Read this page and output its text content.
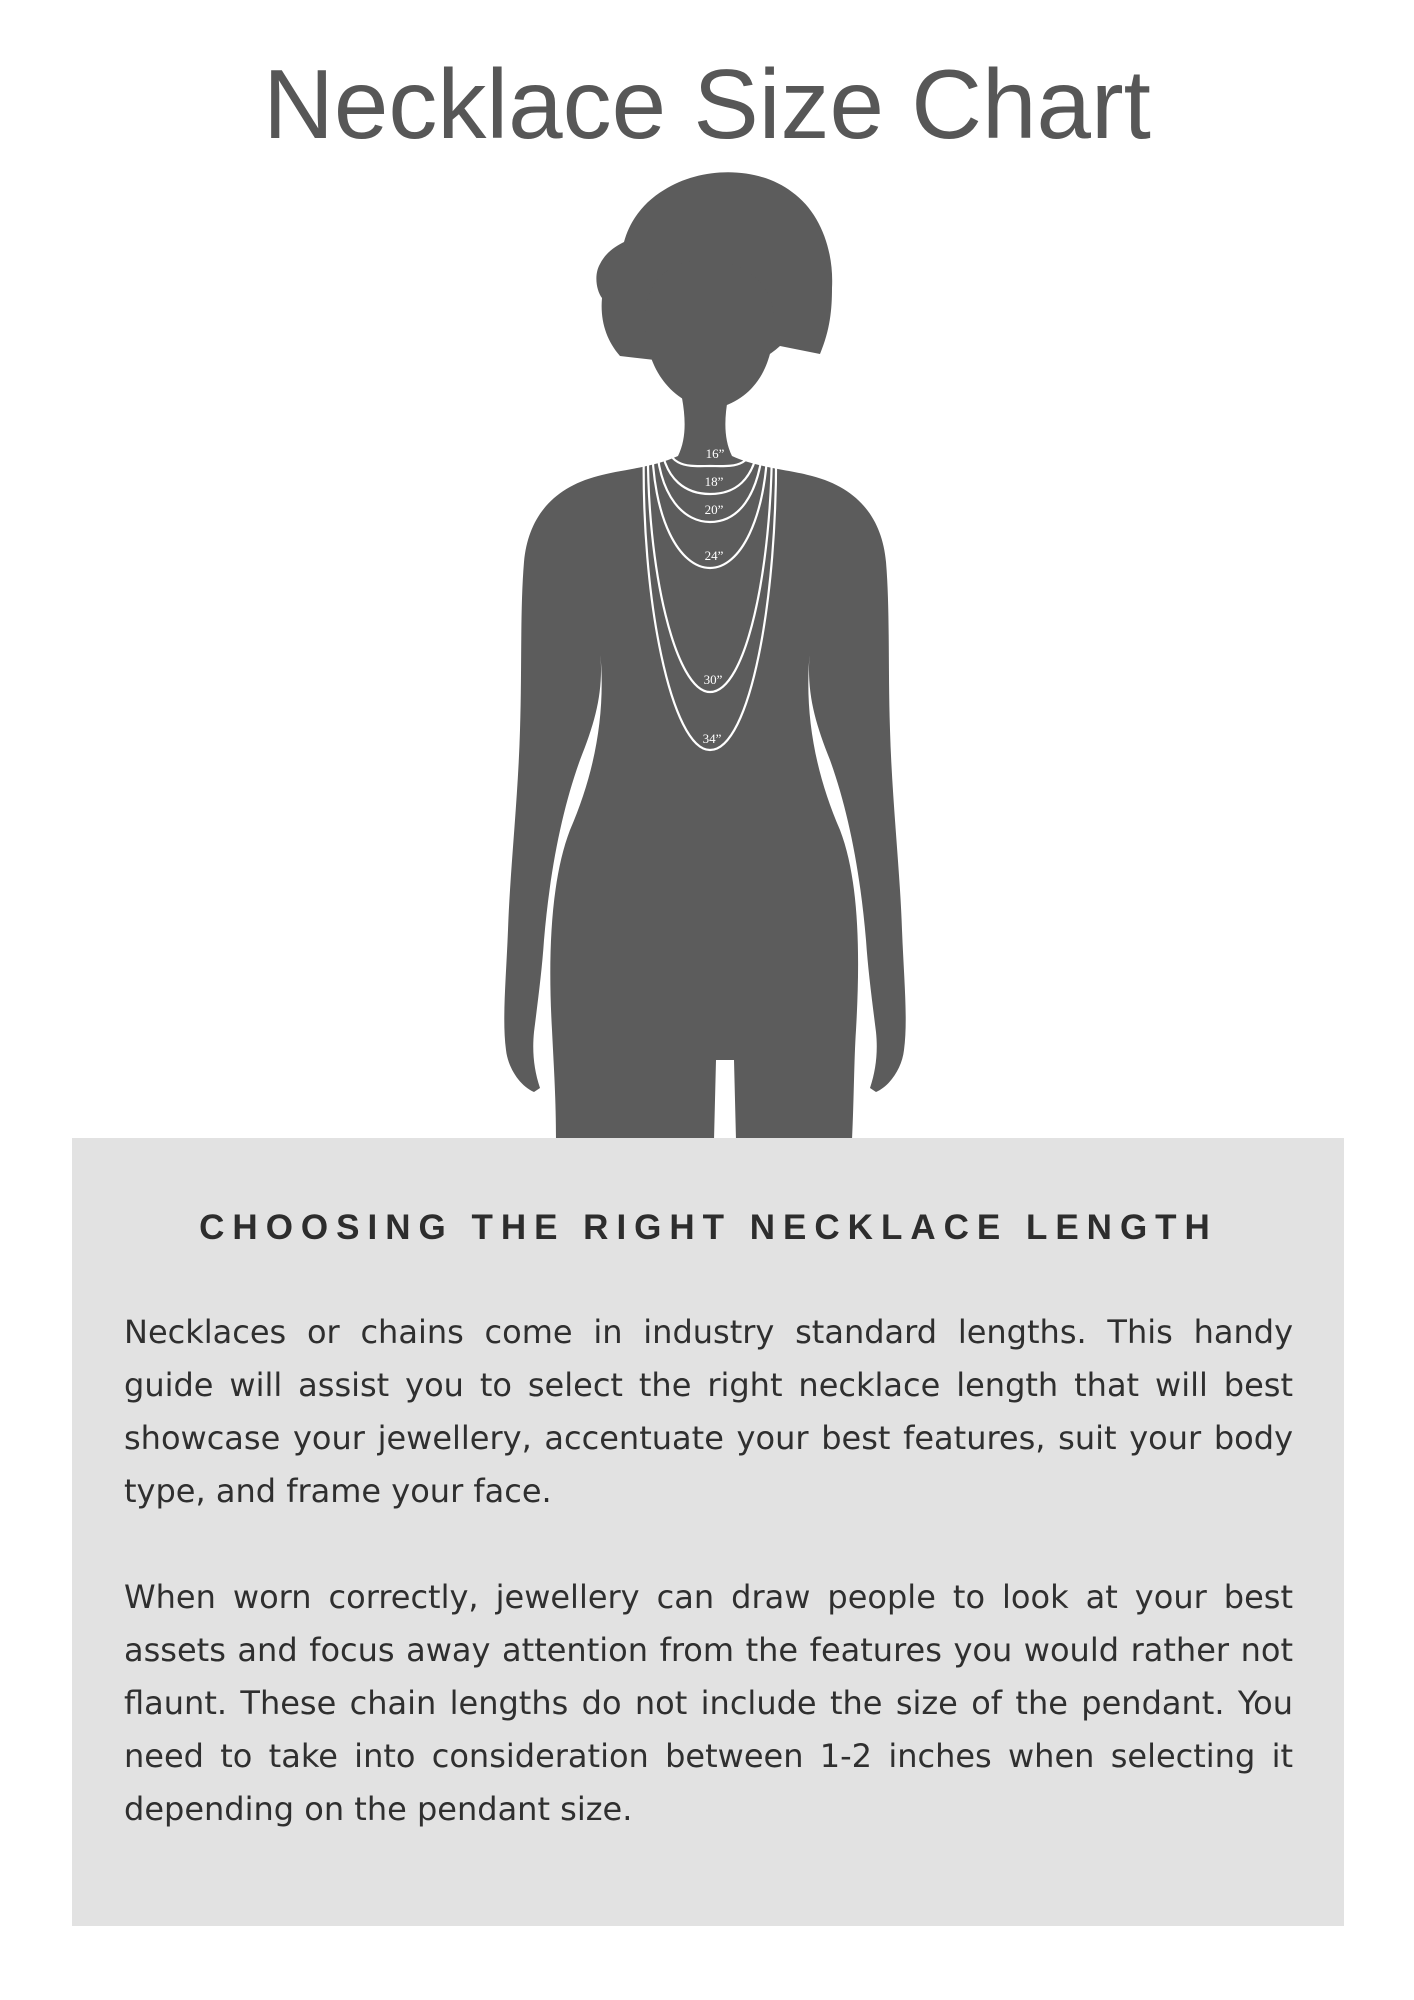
Necklace Size Chart
16”
18”
20”
24”
30”
34”
CHOOSING THE RIGHT NECKLACE LENGTH

Necklaces or chains come in industry standard lengths. This handy guide will assist you to select the right necklace length that will best showcase your jewellery, accentuate your best features, suit your body type, and frame your face.

When worn correctly, jewellery can draw people to look at your best assets and focus away attention from the features you would rather not flaunt. These chain lengths do not include the size of the pendant. You need to take into consideration between 1-2 inches when selecting it depending on the pendant size.
